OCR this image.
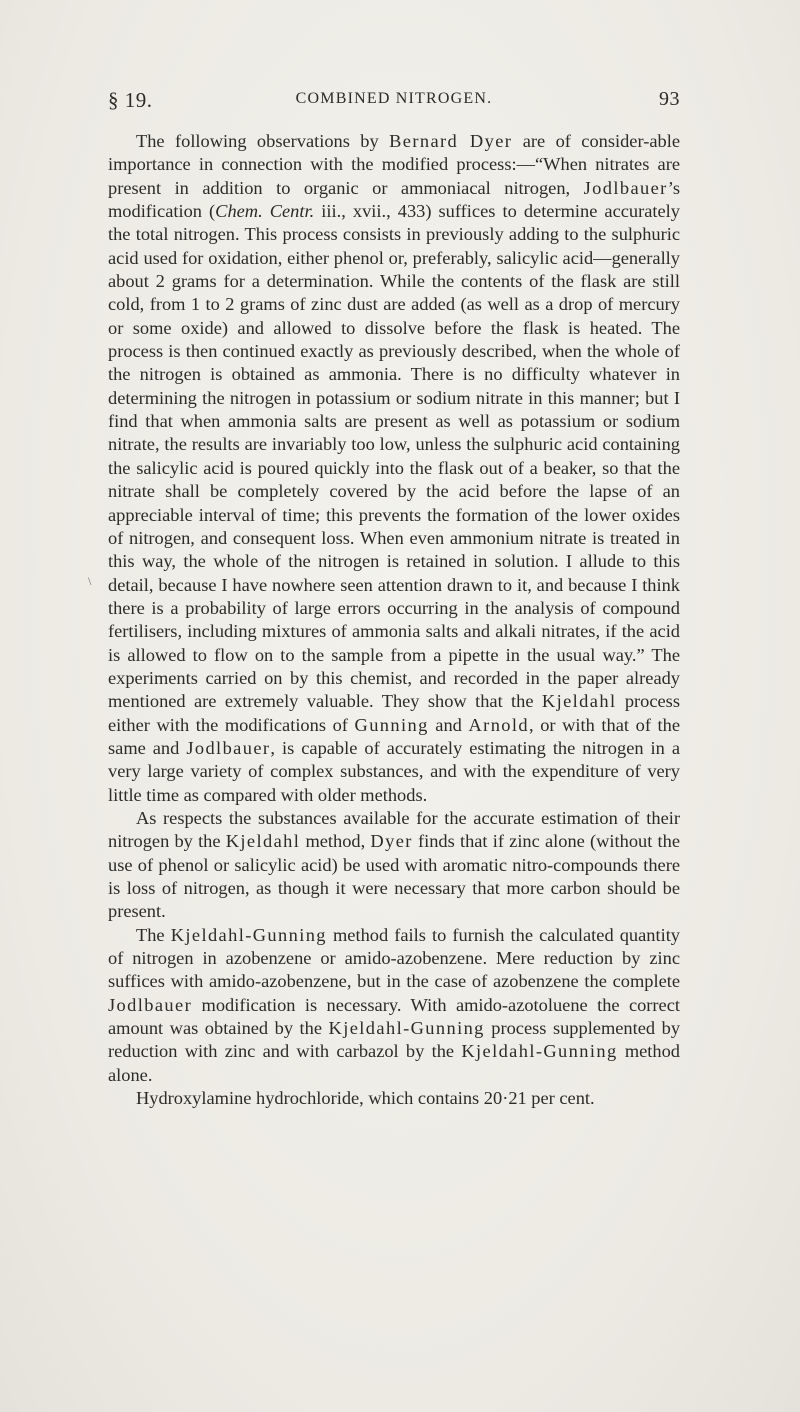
§ 19.	COMBINED NITROGEN.	93
\

The following observations by Bernard Dyer are of consider-able importance in connection with the modified process:—“When nitrates are present in addition to organic or ammoniacal nitrogen, Jodlbauer’s modification (Chem. Centr. iii., xvii., 433) suffices to determine accurately the total nitrogen. This process consists in previously adding to the sulphuric acid used for oxidation, either phenol or, preferably, salicylic acid—generally about 2 grams for a determination. While the contents of the flask are still cold, from 1 to 2 grams of zinc dust are added (as well as a drop of mercury or some oxide) and allowed to dissolve before the flask is heated. The process is then continued exactly as previously described, when the whole of the nitrogen is obtained as ammonia. There is no difficulty whatever in determining the nitrogen in potassium or sodium nitrate in this manner; but I find that when ammonia salts are present as well as potassium or sodium nitrate, the results are invariably too low, unless the sulphuric acid containing the salicylic acid is poured quickly into the flask out of a beaker, so that the nitrate shall be completely covered by the acid before the lapse of an appreciable interval of time; this prevents the formation of the lower oxides of nitrogen, and consequent loss. When even ammonium nitrate is treated in this way, the whole of the nitrogen is retained in solution. I allude to this detail, because I have nowhere seen attention drawn to it, and because I think there is a probability of large errors occurring in the analysis of compound fertilisers, including mixtures of ammonia salts and alkali nitrates, if the acid is allowed to flow on to the sample from a pipette in the usual way.” The experiments carried on by this chemist, and recorded in the paper already mentioned are extremely valuable. They show that the Kjeldahl process either with the modifications of Gunning and Arnold, or with that of the same and Jodlbauer, is capable of accurately estimating the nitrogen in a very large variety of complex substances, and with the expenditure of very little time as compared with older methods.

As respects the substances available for the accurate estimation of their nitrogen by the Kjeldahl method, Dyer finds that if zinc alone (without the use of phenol or salicylic acid) be used with aromatic nitro-compounds there is loss of nitrogen, as though it were necessary that more carbon should be present.

The Kjeldahl-Gunning method fails to furnish the calculated quantity of nitrogen in azobenzene or amido-azobenzene. Mere reduction by zinc suffices with amido-azobenzene, but in the case of azobenzene the complete Jodlbauer modification is necessary. With amido-azotoluene the correct amount was obtained by the Kjeldahl-Gunning process supplemented by reduction with zinc and with carbazol by the Kjeldahl-Gunning method alone.

Hydroxylamine hydrochloride, which contains 20·21 per cent.
